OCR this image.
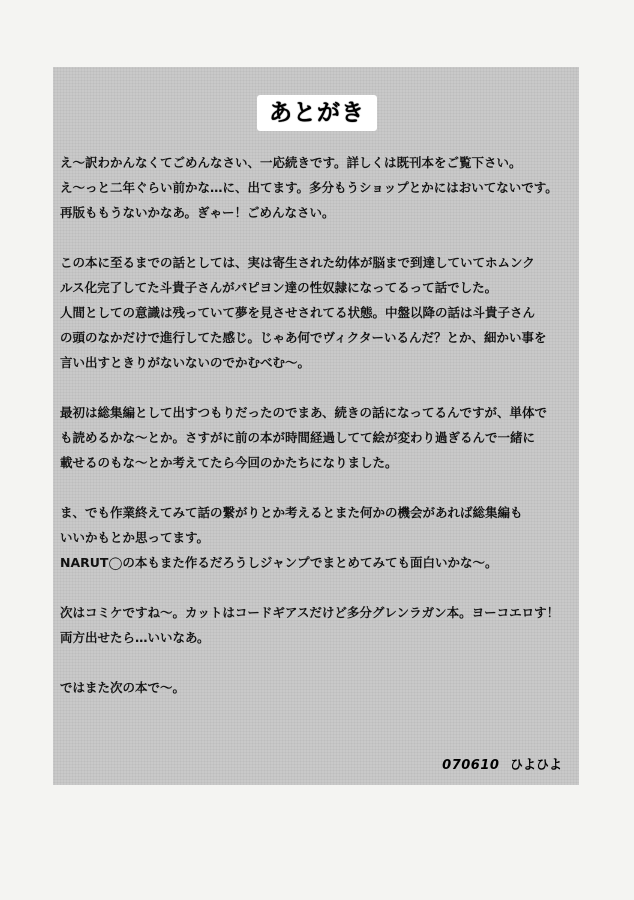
あとがき

え～訳わかんなくてごめんなさい、一応続きです。詳しくは既刊本をご覧下さい。

え～っと二年ぐらい前かな…に、出てます。多分もうショップとかにはおいてないです。

再版ももうないかなあ。ぎゃー！ごめんなさい。

この本に至るまでの話としては、実は寄生された幼体が脳まで到達していてホムンク

ルス化完了してた斗貴子さんがパピヨン達の性奴隷になってるって話でした。

人間としての意識は残っていて夢を見させされてる状態。中盤以降の話は斗貴子さん

の頭のなかだけで進行してた感じ。じゃあ何でヴィクターいるんだ？とか、細かい事を

言い出すときりがないないのでかむべむ～。

最初は総集編として出すつもりだったのでまあ、続きの話になってるんですが、単体で

も読めるかな～とか。さすがに前の本が時間経過してて絵が変わり過ぎるんで一緒に

載せるのもな～とか考えてたら今回のかたちになりました。

ま、でも作業終えてみて話の繋がりとか考えるとまた何かの機会があれば総集編も

いいかもとか思ってます。

NARUT◯の本もまた作るだろうしジャンプでまとめてみても面白いかな～。

次はコミケですね～。カットはコードギアスだけど多分グレンラガン本。ヨーコエロす！

両方出せたら…いいなあ。

ではまた次の本で～。

070610 ひよひよ
